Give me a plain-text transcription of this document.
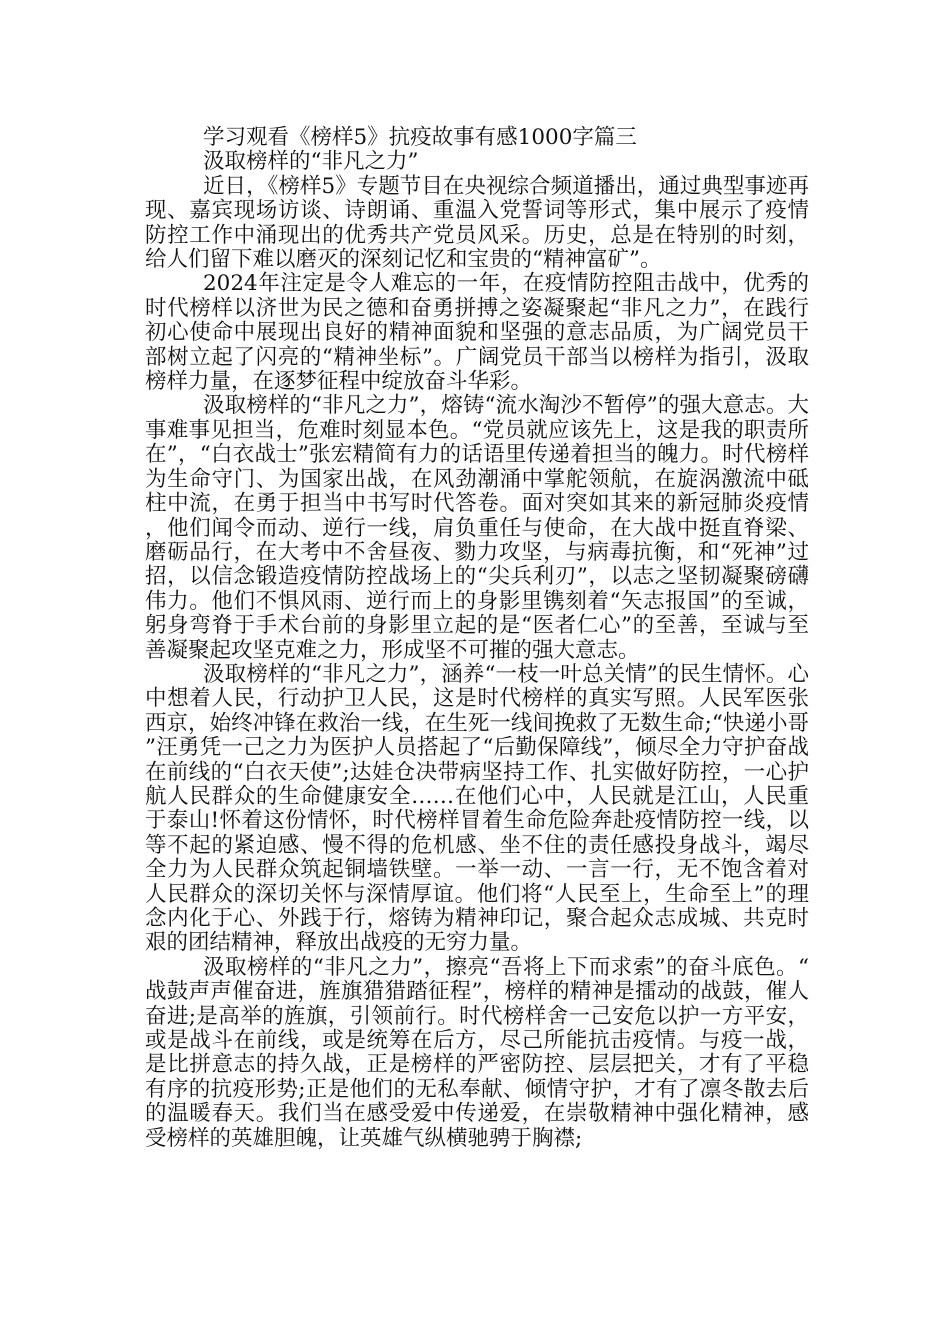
学习观看《榜样5》抗疫故事有感1000字篇三

汲取榜样的“非凡之力”

近日，《榜样5》专题节目在央视综合频道播出，通过典型事迹再现、嘉宾现场访谈、诗朗诵、重温入党誓词等形式，集中展示了疫情防控工作中涌现出的优秀共产党员风采。历史，总是在特别的时刻，给人们留下难以磨灭的深刻记忆和宝贵的“精神富矿”。

2024年注定是令人难忘的一年，在疫情防控阻击战中，优秀的时代榜样以济世为民之德和奋勇拼搏之姿凝聚起“非凡之力”，在践行初心使命中展现出良好的精神面貌和坚强的意志品质，为广阔党员干部树立起了闪亮的“精神坐标”。广阔党员干部当以榜样为指引，汲取榜样力量，在逐梦征程中绽放奋斗华彩。

汲取榜样的“非凡之力”，熔铸“流水淘沙不暂停”的强大意志。大事难事见担当，危难时刻显本色。“党员就应该先上，这是我的职责所在”，“白衣战士”张宏精简有力的话语里传递着担当的魄力。时代榜样为生命守门、为国家出战，在风劲潮涌中掌舵领航，在旋涡激流中砥柱中流，在勇于担当中书写时代答卷。面对突如其来的新冠肺炎疫情，他们闻令而动、逆行一线，肩负重任与使命，在大战中挺直脊梁、磨砺品行，在大考中不舍昼夜、勠力攻坚，与病毒抗衡，和“死神”过招，以信念锻造疫情防控战场上的“尖兵利刃”，以志之坚韧凝聚磅礴伟力。他们不惧风雨、逆行而上的身影里镌刻着“矢志报国”的至诚，躬身弯脊于手术台前的身影里立起的是“医者仁心”的至善，至诚与至善凝聚起攻坚克难之力，形成坚不可摧的强大意志。

汲取榜样的“非凡之力”，涵养“一枝一叶总关情”的民生情怀。心中想着人民，行动护卫人民，这是时代榜样的真实写照。人民军医张西京，始终冲锋在救治一线，在生死一线间挽救了无数生命;“快递小哥”汪勇凭一己之力为医护人员搭起了“后勤保障线”，倾尽全力守护奋战在前线的“白衣天使”;达娃仓决带病坚持工作、扎实做好防控，一心护航人民群众的生命健康安全……在他们心中，人民就是江山，人民重于泰山!怀着这份情怀，时代榜样冒着生命危险奔赴疫情防控一线，以等不起的紧迫感、慢不得的危机感、坐不住的责任感投身战斗，竭尽全力为人民群众筑起铜墙铁壁。一举一动、一言一行，无不饱含着对人民群众的深切关怀与深情厚谊。他们将“人民至上，生命至上”的理念内化于心、外践于行，熔铸为精神印记，聚合起众志成城、共克时艰的团结精神，释放出战疫的无穷力量。

汲取榜样的“非凡之力”，擦亮“吾将上下而求索”的奋斗底色。“战鼓声声催奋进，旌旗猎猎踏征程”，榜样的精神是擂动的战鼓，催人奋进;是高举的旌旗，引领前行。时代榜样舍一己安危以护一方平安，或是战斗在前线，或是统筹在后方，尽己所能抗击疫情。与疫一战，是比拼意志的持久战，正是榜样的严密防控、层层把关，才有了平稳有序的抗疫形势;正是他们的无私奉献、倾情守护，才有了凛冬散去后的温暖春天。我们当在感受爱中传递爱，在崇敬精神中强化精神，感受榜样的英雄胆魄，让英雄气纵横驰骋于胸襟;
